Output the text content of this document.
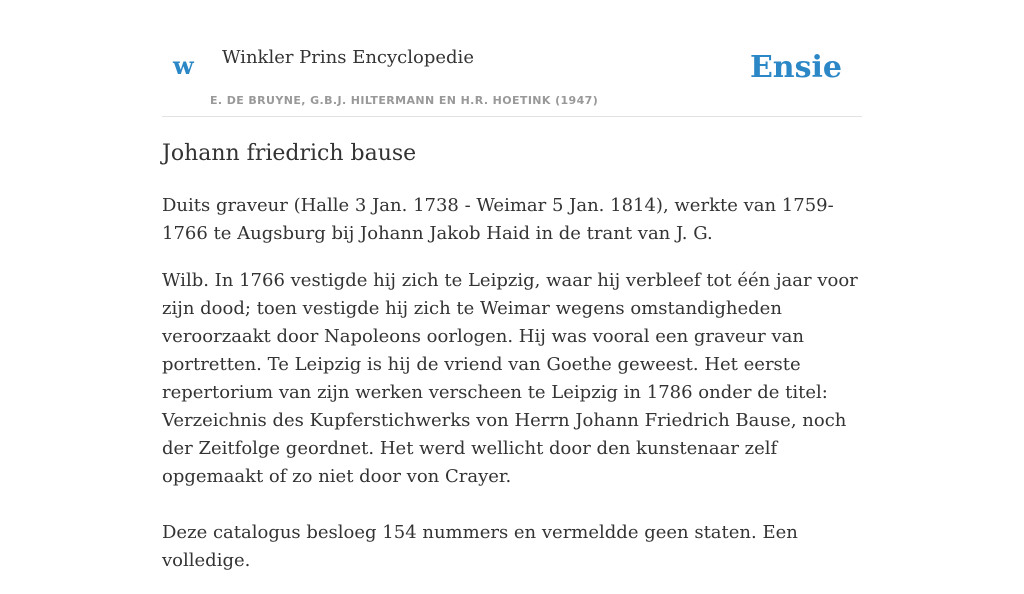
w Winkler Prins Encyclopedie
E. DE BRUYNE, G.B.J. HILTERMANN EN H.R. HOETINK (1947)
Ensie
Johann friedrich bause

Duits graveur (Halle 3 Jan. 1738 - Weimar 5 Jan. 1814), werkte van 1759-1766 te Augsburg bij Johann Jakob Haid in de trant van J. G.

Wilb. In 1766 vestigde hij zich te Leipzig, waar hij verbleef tot één jaar voor zijn dood; toen vestigde hij zich te Weimar wegens omstandigheden veroorzaakt door Napoleons oorlogen. Hij was vooral een graveur van portretten. Te Leipzig is hij de vriend van Goethe geweest. Het eerste repertorium van zijn werken verscheen te Leipzig in 1786 onder de titel: Verzeichnis des Kupferstichwerks von Herrn Johann Friedrich Bause, noch der Zeitfolge geordnet. Het werd wellicht door den kunstenaar zelf opgemaakt of zo niet door von Crayer.

Deze catalogus besloeg 154 nummers en vermeldde geen staten. Een volledige.
